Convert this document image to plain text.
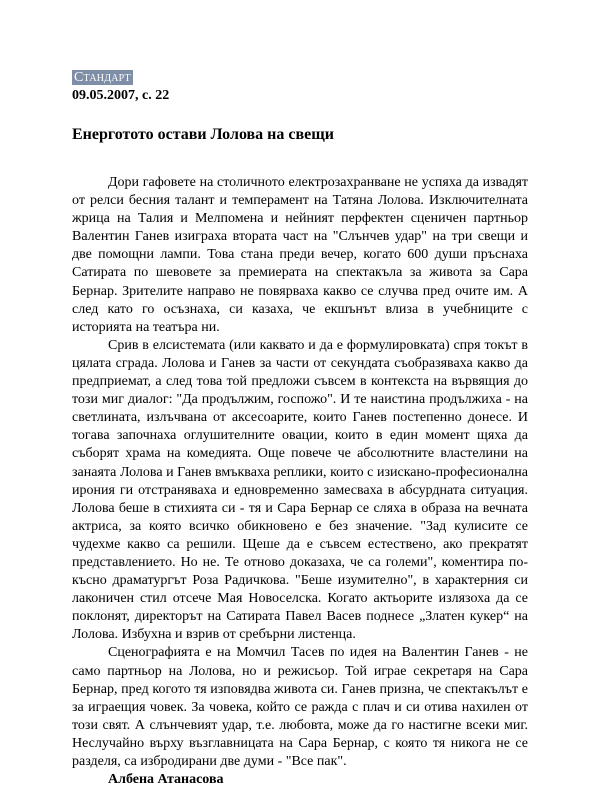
Стандарт
09.05.2007, с. 22
Енерготото остави Лолова на свещи

Дори гафовете на столичното електрозахранване не успяха да извадят от релси бесния талант и темперамент на Татяна Лолова. Изключителната жрица на Талия и Мелпомена и нейният перфектен сценичен партньор Валентин Ганев изиграха втората част на "Слънчев удар" на три свещи и две помощни лампи. Това стана преди вечер, когато 600 души пръснаха Сатирата по шевовете за премиерата на спектакъла за живота за Сара Бернар. Зрителите направо не повярваха какво се случва пред очите им. А след като го осъзнаха, си казаха, че екшънът влиза в учебниците с историята на театъра ни.

Срив в елсистемата (или каквато и да е формулировката) спря токът в цялата сграда. Лолова и Ганев за части от секундата съобразяваха какво да предприемат, а след това той предложи съвсем в контекста на вървящия до този миг диалог: "Да продължим, госпожо". И те наистина продължиха - на светлината, излъчвана от аксесоарите, които Ганев постепенно донесе. И тогава започнаха оглушителните овации, които в един момент щяха да съборят храма на комедията. Още повече че абсолютните властелини на занаята Лолова и Ганев вмъкваха реплики, които с изискано-професионална ирония ги отстраняваха и едновременно замесваха в абсурдната ситуация. Лолова беше в стихията си - тя и Сара Бернар се сляха в образа на вечната актриса, за която всичко обикновено е без значение. "Зад кулисите се чудехме какво са решили. Щеше да е съвсем естествено, ако прекратят представлението. Но не. Те отново доказаха, че са големи", коментира по-късно драматургът Роза Радичкова. "Беше изумително", в характерния си лаконичен стил отсече Мая Новоселска. Когато актьорите излязоха да се поклонят, директорът на Сатирата Павел Васев поднесе „Златен кукер“ на Лолова. Избухна и взрив от сребърни листенца.

Сценографията е на Момчил Тасев по идея на Валентин Ганев - не само партньор на Лолова, но и режисьор. Той играе секретаря на Сара Бернар, пред когото тя изповядва живота си. Ганев призна, че спектакълът е за играещия човек. За човека, който се ражда с плач и си отива нахилен от този свят. А слънчевият удар, т.е. любовта, може да го настигне всеки миг. Неслучайно върху възглавницата на Сара Бернар, с която тя никога не се разделя, са избродирани две думи - "Все пак".

Албена Атанасова
